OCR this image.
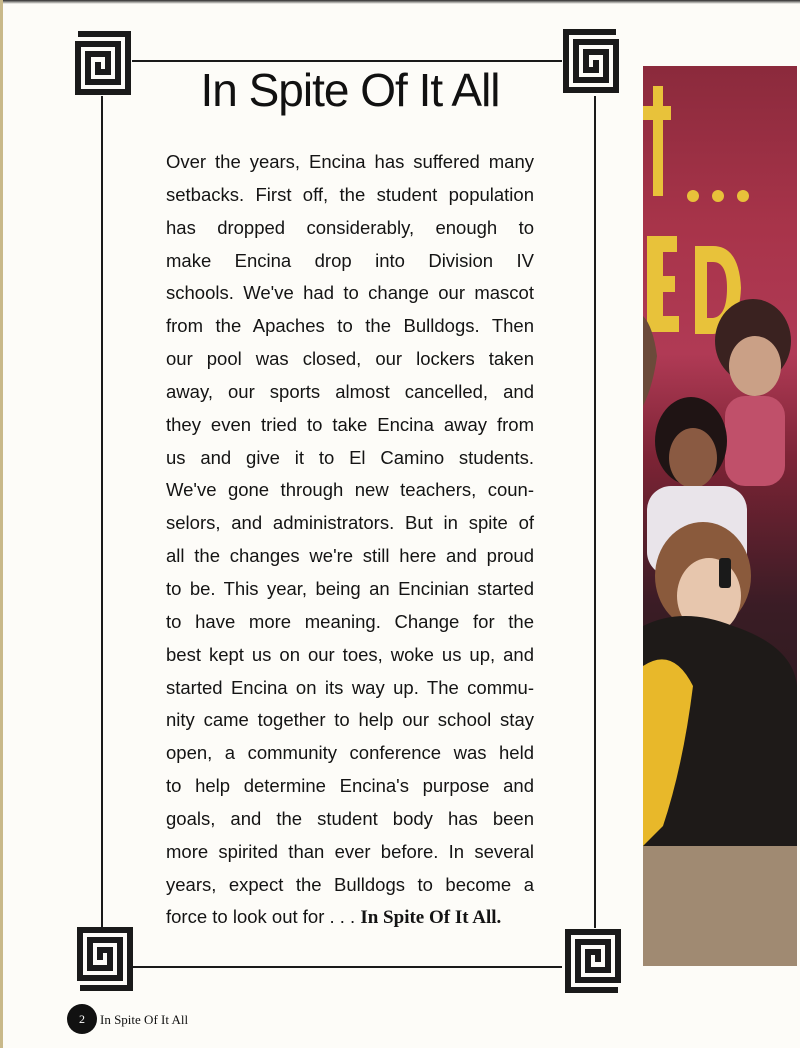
In Spite Of It All
Over the years, Encina has suffered many
setbacks. First off, the student population
has dropped considerably, enough to
make Encina drop into Division IV
schools. We've had to change our mascot
from the Apaches to the Bulldogs. Then
our pool was closed, our lockers taken
away, our sports almost cancelled, and
they even tried to take Encina away from
us and give it to El Camino students.
We've gone through new teachers, coun-
selors, and administrators. But in spite of
all the changes we're still here and proud
to be. This year, being an Encinian started
to have more meaning. Change for the
best kept us on our toes, woke us up, and
started Encina on its way up. The commu-
nity came together to help our school stay
open, a community conference was held
to help determine Encina's purpose and
goals, and the student body has been
more spirited than ever before. In several
years, expect the Bulldogs to become a
force to look out for . . . In Spite Of It All.
2	In Spite Of It All
